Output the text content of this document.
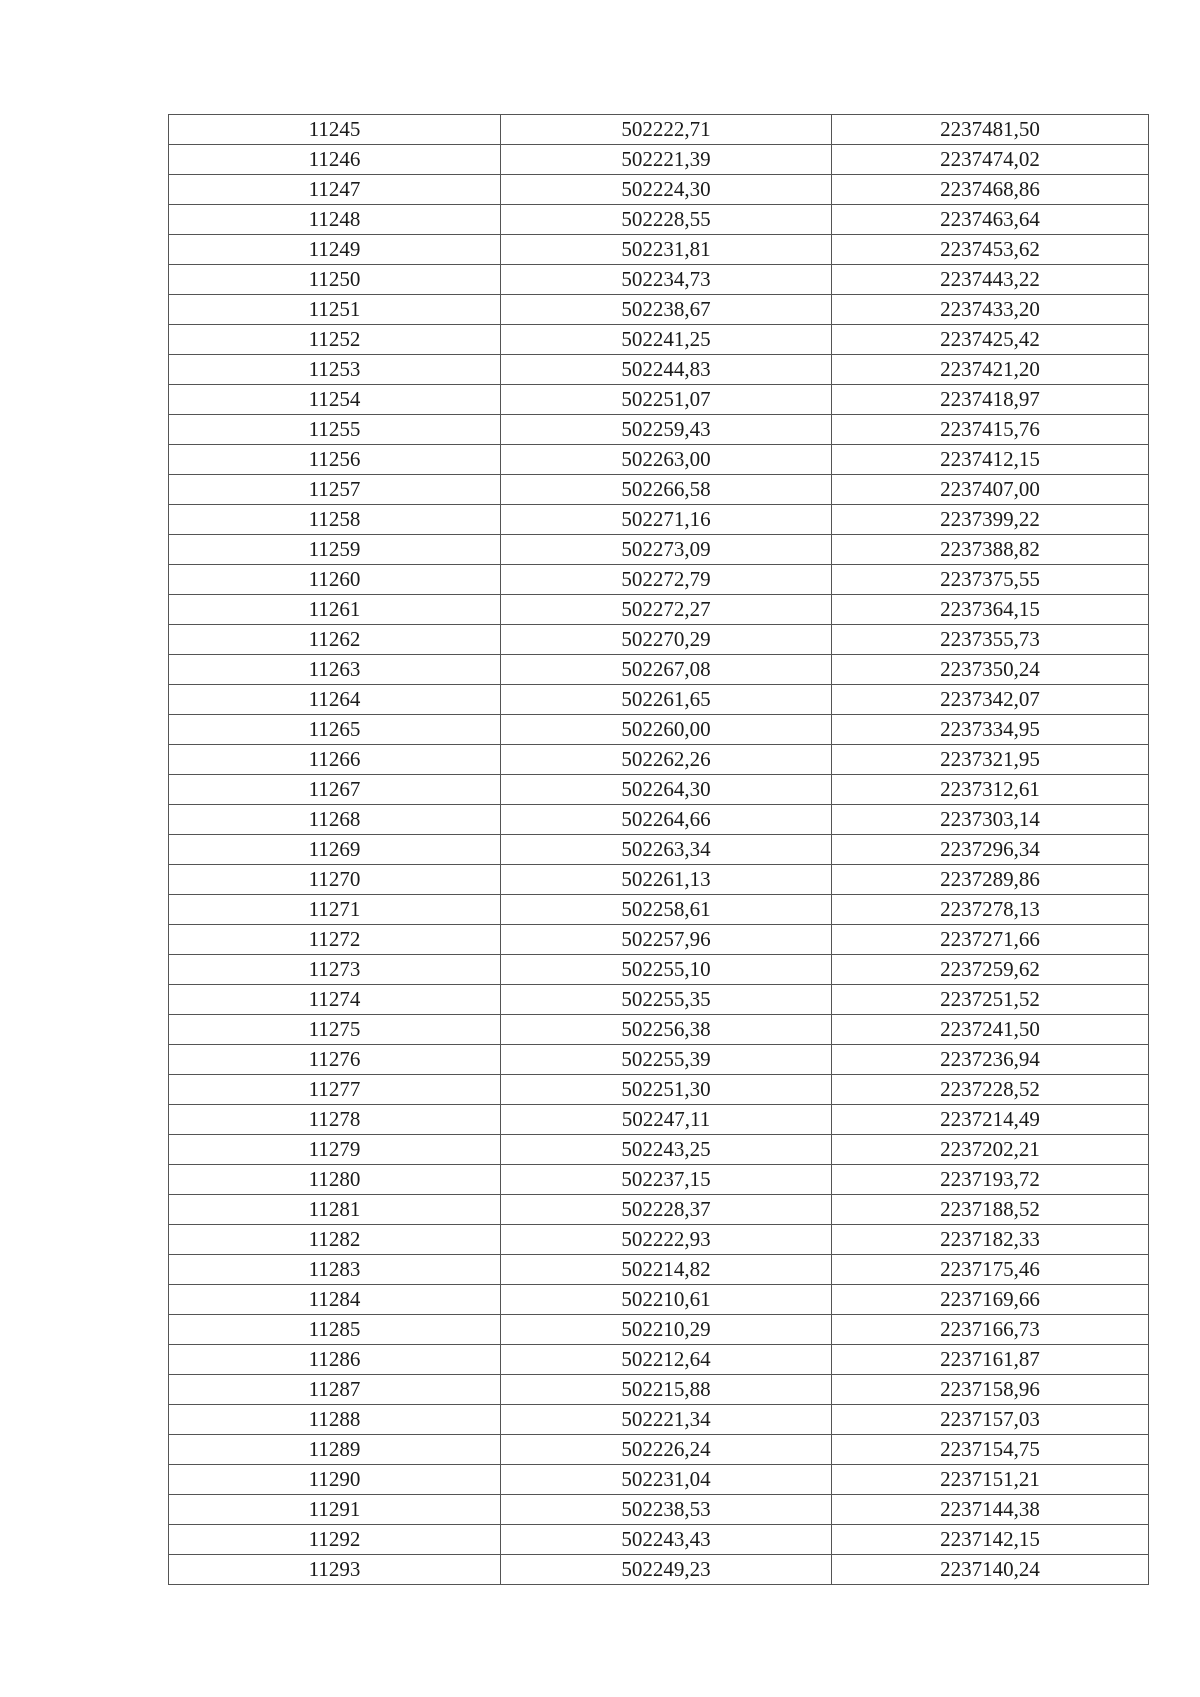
11245	502222,71	2237481,50
11246	502221,39	2237474,02
11247	502224,30	2237468,86
11248	502228,55	2237463,64
11249	502231,81	2237453,62
11250	502234,73	2237443,22
11251	502238,67	2237433,20
11252	502241,25	2237425,42
11253	502244,83	2237421,20
11254	502251,07	2237418,97
11255	502259,43	2237415,76
11256	502263,00	2237412,15
11257	502266,58	2237407,00
11258	502271,16	2237399,22
11259	502273,09	2237388,82
11260	502272,79	2237375,55
11261	502272,27	2237364,15
11262	502270,29	2237355,73
11263	502267,08	2237350,24
11264	502261,65	2237342,07
11265	502260,00	2237334,95
11266	502262,26	2237321,95
11267	502264,30	2237312,61
11268	502264,66	2237303,14
11269	502263,34	2237296,34
11270	502261,13	2237289,86
11271	502258,61	2237278,13
11272	502257,96	2237271,66
11273	502255,10	2237259,62
11274	502255,35	2237251,52
11275	502256,38	2237241,50
11276	502255,39	2237236,94
11277	502251,30	2237228,52
11278	502247,11	2237214,49
11279	502243,25	2237202,21
11280	502237,15	2237193,72
11281	502228,37	2237188,52
11282	502222,93	2237182,33
11283	502214,82	2237175,46
11284	502210,61	2237169,66
11285	502210,29	2237166,73
11286	502212,64	2237161,87
11287	502215,88	2237158,96
11288	502221,34	2237157,03
11289	502226,24	2237154,75
11290	502231,04	2237151,21
11291	502238,53	2237144,38
11292	502243,43	2237142,15
11293	502249,23	2237140,24
